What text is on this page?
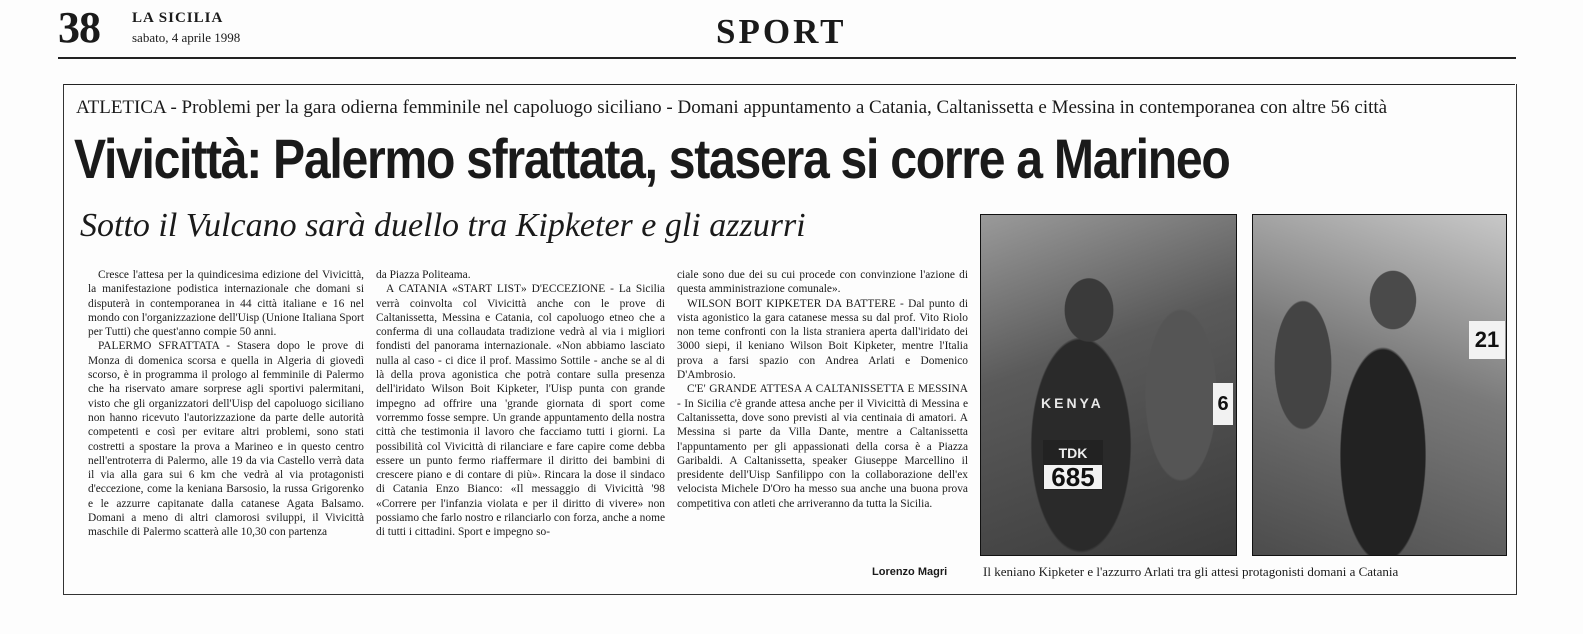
38 LA SICILIA
sabato, 4 aprile 1998	SPORT
ATLETICA - Problemi per la gara odierna femminile nel capoluogo siciliano - Domani appuntamento a Catania, Caltanissetta e Messina in contemporanea con altre 56 città
Vivicittà: Palermo sfrattata, stasera si corre a Marineo
Sotto il Vulcano sarà duello tra Kipketer e gli azzurri

Cresce l'attesa per la quindicesima edizione del Vivicittà, la manifestazione podistica internazionale che domani si disputerà in contemporanea in 44 città italiane e 16 nel mondo con l'organizzazione dell'Uisp (Unione Italiana Sport per Tutti) che quest'anno compie 50 anni.

PALERMO SFRATTATA - Stasera dopo le prove di Monza di domenica scorsa e quella in Algeria di giovedì scorso, è in programma il prologo al femminile di Palermo che ha riservato amare sorprese agli sportivi palermitani, visto che gli organizzatori dell'Uisp del capoluogo siciliano non hanno ricevuto l'autorizzazione da parte delle autorità competenti e così per evitare altri problemi, sono stati costretti a spostare la prova a Marineo e in questo centro nell'entroterra di Palermo, alle 19 da via Castello verrà data il via alla gara sui 6 km che vedrà al via protagonisti d'eccezione, come la keniana Barsosio, la russa Grigorenko e le azzurre capitanate dalla catanese Agata Balsamo. Domani a meno di altri clamorosi sviluppi, il Vivicittà maschile di Palermo scatterà alle 10,30 con partenza

da Piazza Politeama.

A CATANIA «START LIST» D'ECCEZIONE - La Sicilia verrà coinvolta col Vivicittà anche con le prove di Caltanissetta, Messina e Catania, col capoluogo etneo che a conferma di una collaudata tradizione vedrà al via i migliori fondisti del panorama internazionale. «Non abbiamo lasciato nulla al caso - ci dice il prof. Massimo Sottile - anche se al di là della prova agonistica che potrà contare sulla presenza dell'iridato Wilson Boit Kipketer, l'Uisp punta con grande impegno ad offrire una 'grande giornata di sport come vorremmo fosse sempre. Un grande appuntamento della nostra città che testimonia il lavoro che facciamo tutti i giorni. La possibilità col Vivicittà di rilanciare e fare capire come debba essere un punto fermo riaffermare il diritto dei bambini di crescere piano e di contare di più». Rincara la dose il sindaco di Catania Enzo Bianco: «Il messaggio di Vivicittà '98 «Correre per l'infanzia violata e per il diritto di vivere» non possiamo che farlo nostro e rilanciarlo con forza, anche a nome di tutti i cittadini. Sport e impegno so-

ciale sono due dei su cui procede con convinzione l'azione di questa amministrazione comunale».

WILSON BOIT KIPKETER DA BATTERE - Dal punto di vista agonistico la gara catanese messa su dal prof. Vito Riolo non teme confronti con la lista straniera aperta dall'iridato dei 3000 siepi, il keniano Wilson Boit Kipketer, mentre l'Italia prova a farsi spazio con Andrea Arlati e Domenico D'Ambrosio.

C'E' GRANDE ATTESA A CALTANISSETTA E MESSINA - In Sicilia c'è grande attesa anche per il Vivicittà di Messina e Caltanissetta, dove sono previsti al via centinaia di amatori. A Messina si parte da Villa Dante, mentre a Caltanissetta l'appuntamento per gli appassionati della corsa è a Piazza Garibaldi. A Caltanissetta, speaker Giuseppe Marcellino il presidente dell'Uisp Sanfilippo con la collaborazione dell'ex velocista Michele D'Oro ha messo sua anche una buona prova competitiva con atleti che arriveranno da tutta la Sicilia.

KENYA
TDK
685
6
21
Lorenzo Magri	Il keniano Kipketer e l'azzurro Arlati tra gli attesi protagonisti domani a Catania
